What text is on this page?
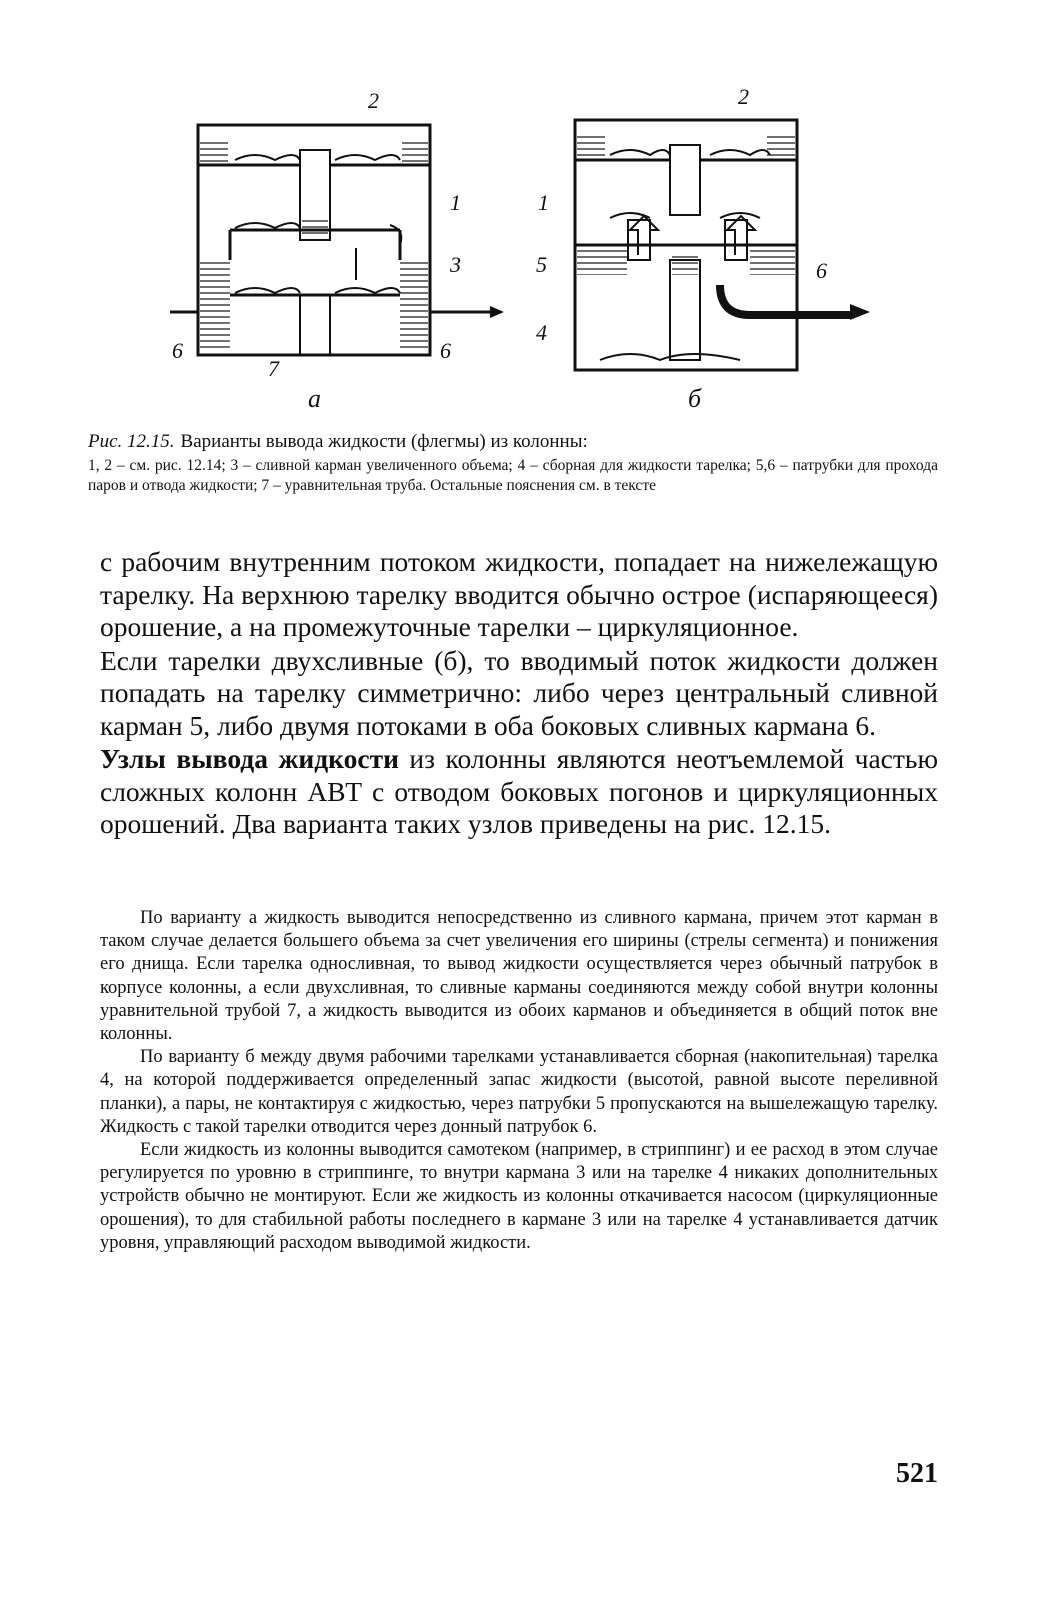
2
1
3
6	6
7
2
1
5	6
4
a	б
Рис. 12.15. Варианты вывода жидкости (флегмы) из колонны:
1, 2 – см. рис. 12.14; 3 – сливной карман увеличенного объема; 4 – сборная для жидкости тарелка; 5,6 – патрубки для прохода паров и отвода жидкости; 7 – уравнительная труба. Остальные пояснения см. в тексте

с рабочим внутренним потоком жидкости, попадает на нижележащую тарелку. На верхнюю тарелку вводится обычно острое (испаряющееся) орошение, а на промежуточные тарелки – циркуляционное.

Если тарелки двухсливные (б), то вводимый поток жидкости должен попадать на тарелку симметрично: либо через центральный сливной карман 5, либо двумя потоками в оба боковых сливных кармана 6.

Узлы вывода жидкости из колонны являются неотъемлемой частью сложных колонн АВТ с отводом боковых погонов и циркуляционных орошений. Два варианта таких узлов приведены на рис. 12.15.

По варианту а жидкость выводится непосредственно из сливного кармана, причем этот карман в таком случае делается большего объема за счет увеличения его ширины (стрелы сегмента) и понижения его днища. Если тарелка односливная, то вывод жидкости осуществляется через обычный патрубок в корпусе колонны, а если двухсливная, то сливные карманы соединяются между собой внутри колонны уравнительной трубой 7, а жидкость выводится из обоих карманов и объединяется в общий поток вне колонны.

По варианту б между двумя рабочими тарелками устанавливается сборная (накопительная) тарелка 4, на которой поддерживается определенный запас жидкости (высотой, равной высоте переливной планки), а пары, не контактируя с жидкостью, через патрубки 5 пропускаются на вышележащую тарелку. Жидкость с такой тарелки отводится через донный патрубок 6.

Если жидкость из колонны выводится самотеком (например, в стриппинг) и ее расход в этом случае регулируется по уровню в стриппинге, то внутри кармана 3 или на тарелке 4 никаких дополнительных устройств обычно не монтируют. Если же жидкость из колонны откачивается насосом (циркуляционные орошения), то для стабильной работы последнего в кармане 3 или на тарелке 4 устанавливается датчик уровня, управляющий расходом выводимой жидкости.

521
